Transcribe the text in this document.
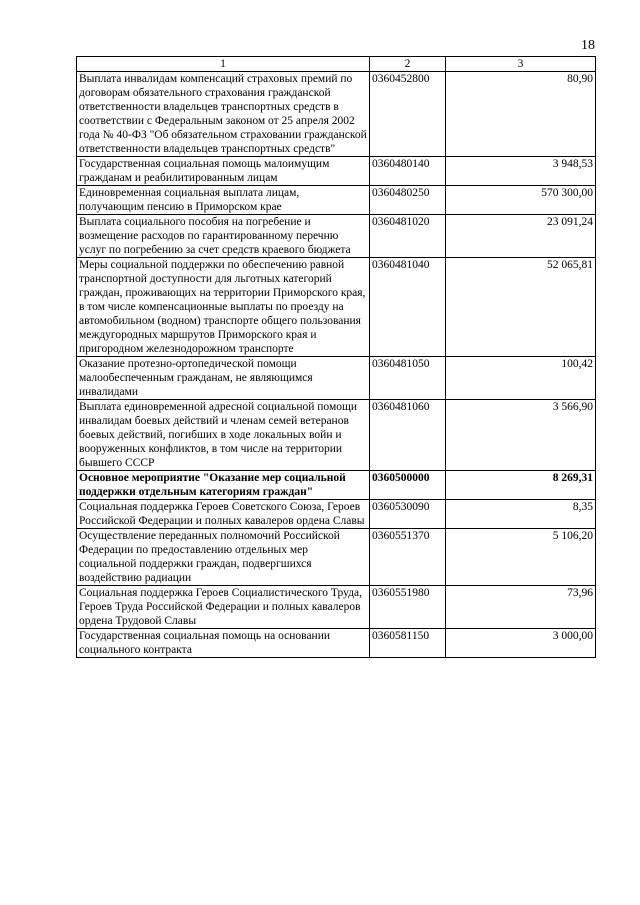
18
1	2	3
Выплата инвалидам компенсаций страховых премий по договорам обязательного страхования гражданской ответственности владельцев транспортных средств в соответствии с Федеральным законом от 25 апреля 2002 года № 40-ФЗ "Об обязательном страховании гражданской ответственности владельцев транспортных средств"	0360452800	80,90
Государственная социальная помощь малоимущим гражданам и реабилитированным лицам	0360480140	3 948,53
Единовременная социальная выплата лицам, получающим пенсию в Приморском крае	0360480250	570 300,00
Выплата социального пособия на погребение и возмещение расходов по гарантированному перечню услуг по погребению за счет средств краевого бюджета	0360481020	23 091,24
Меры социальной поддержки по обеспечению равной транспортной доступности для льготных категорий граждан, проживающих на территории Приморского края, в том числе компенсационные выплаты по проезду на автомобильном (водном) транспорте общего пользования междугородных маршрутов Приморского края и пригородном железнодорожном транспорте	0360481040	52 065,81
Оказание протезно-ортопедической помощи малообеспеченным гражданам, не являющимся инвалидами	0360481050	100,42
Выплата единовременной адресной социальной помощи инвалидам боевых действий и членам семей ветеранов боевых действий, погибших в ходе локальных войн и вооруженных конфликтов, в том числе на территории бывшего СССР	0360481060	3 566,90
Основное мероприятие "Оказание мер социальной поддержки отдельным категориям граждан"	0360500000	8 269,31
Социальная поддержка Героев Советского Союза, Героев Российской Федерации и полных кавалеров ордена Славы	0360530090	8,35
Осуществление переданных полномочий Российской Федерации по предоставлению отдельных мер социальной поддержки граждан, подвергшихся воздействию радиации	0360551370	5 106,20
Социальная поддержка Героев Социалистического Труда, Героев Труда Российской Федерации и полных кавалеров ордена Трудовой Славы	0360551980	73,96
Государственная социальная помощь на основании социального контракта	0360581150	3 000,00
